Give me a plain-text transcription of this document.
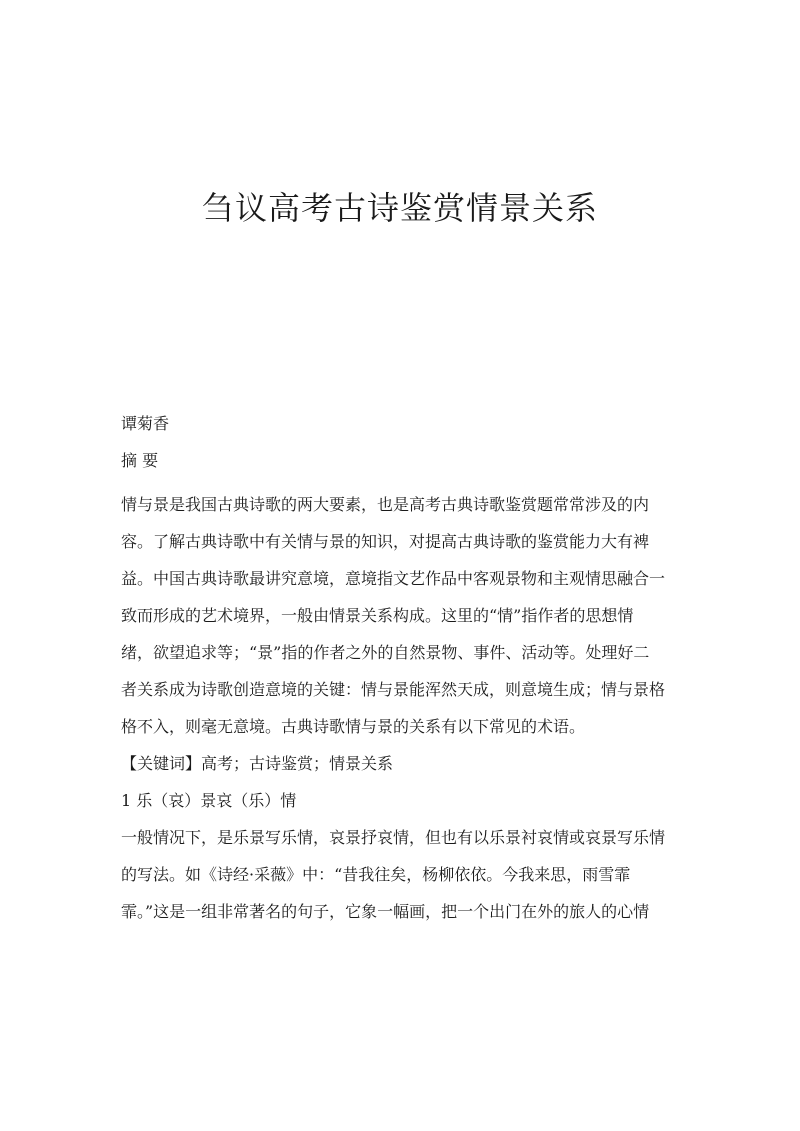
刍议高考古诗鉴赏情景关系
谭菊香
摘 要
情与景是我国古典诗歌的两大要素，也是高考古典诗歌鉴赏题常常涉及的内
容。了解古典诗歌中有关情与景的知识，对提高古典诗歌的鉴赏能力大有裨
益。中国古典诗歌最讲究意境，意境指文艺作品中客观景物和主观情思融合一
致而形成的艺术境界，一般由情景关系构成。这里的“情”指作者的思想情
绪，欲望追求等；“景”指的作者之外的自然景物、事件、活动等。处理好二
者关系成为诗歌创造意境的关键：情与景能浑然天成，则意境生成；情与景格
格不入，则毫无意境。古典诗歌情与景的关系有以下常见的术语。
【关键词】高考；古诗鉴赏；情景关系
1 乐（哀）景哀（乐）情
一般情况下，是乐景写乐情，哀景抒哀情，但也有以乐景衬哀情或哀景写乐情
的写法。如《诗经·采薇》中：“昔我往矣，杨柳依依。今我来思，雨雪霏
霏。”这是一组非常著名的句子，它象一幅画，把一个出门在外的旅人的心情
